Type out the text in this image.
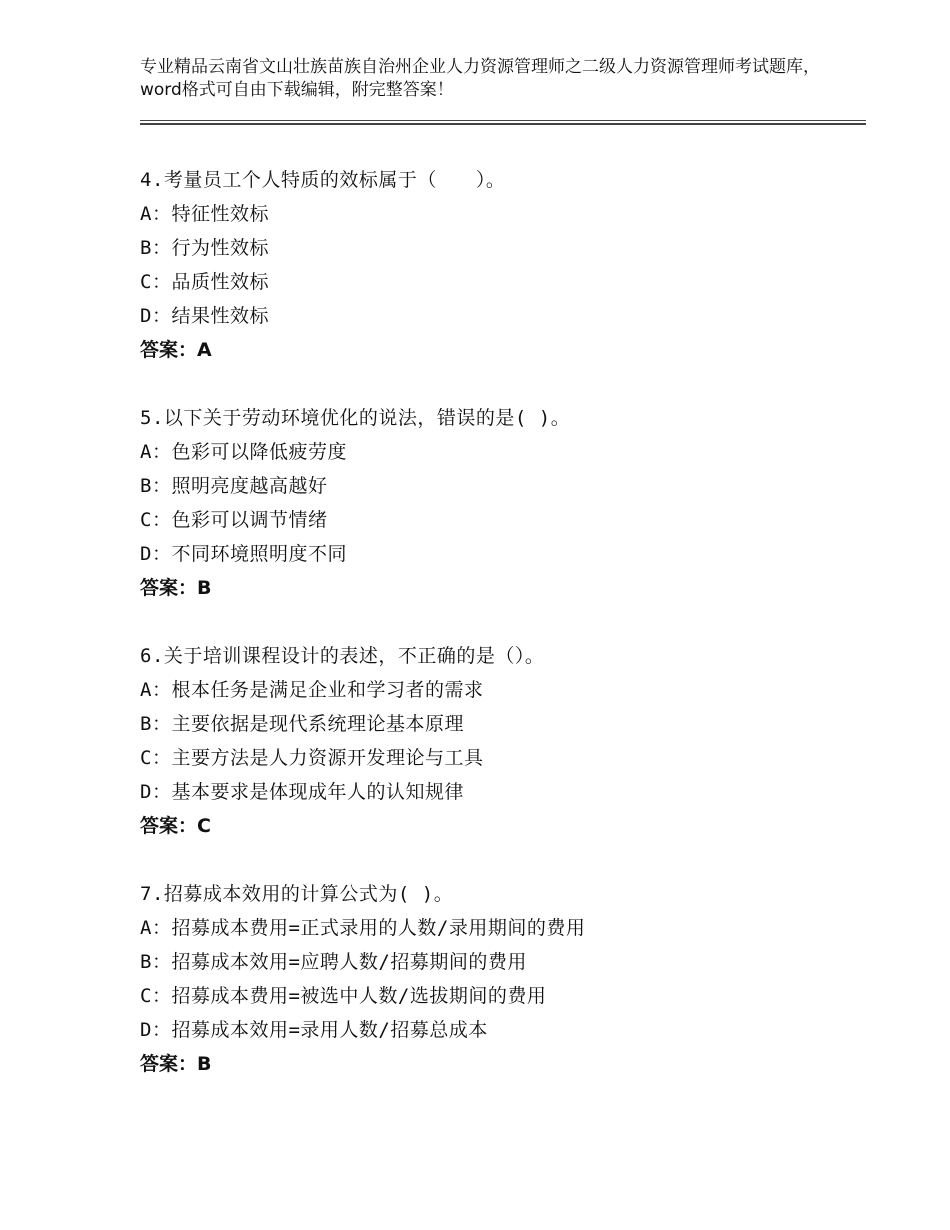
专业精品云南省文山壮族苗族自治州企业人力资源管理师之二级人力资源管理师考试题库，word格式可自由下载编辑，附完整答案！
4.考量员工个人特质的效标属于（　　）。
A：特征性效标
B：行为性效标
C：品质性效标
D：结果性效标
答案：A
5.以下关于劳动环境优化的说法，错误的是( )。
A：色彩可以降低疲劳度
B：照明亮度越高越好
C：色彩可以调节情绪
D：不同环境照明度不同
答案：B
6.关于培训课程设计的表述，不正确的是（）。
A：根本任务是满足企业和学习者的需求
B：主要依据是现代系统理论基本原理
C：主要方法是人力资源开发理论与工具
D：基本要求是体现成年人的认知规律
答案：C
7.招募成本效用的计算公式为( )。
A：招募成本费用=正式录用的人数/录用期间的费用
B：招募成本效用=应聘人数/招募期间的费用
C：招募成本费用=被选中人数/选拔期间的费用
D：招募成本效用=录用人数/招募总成本
答案：B
